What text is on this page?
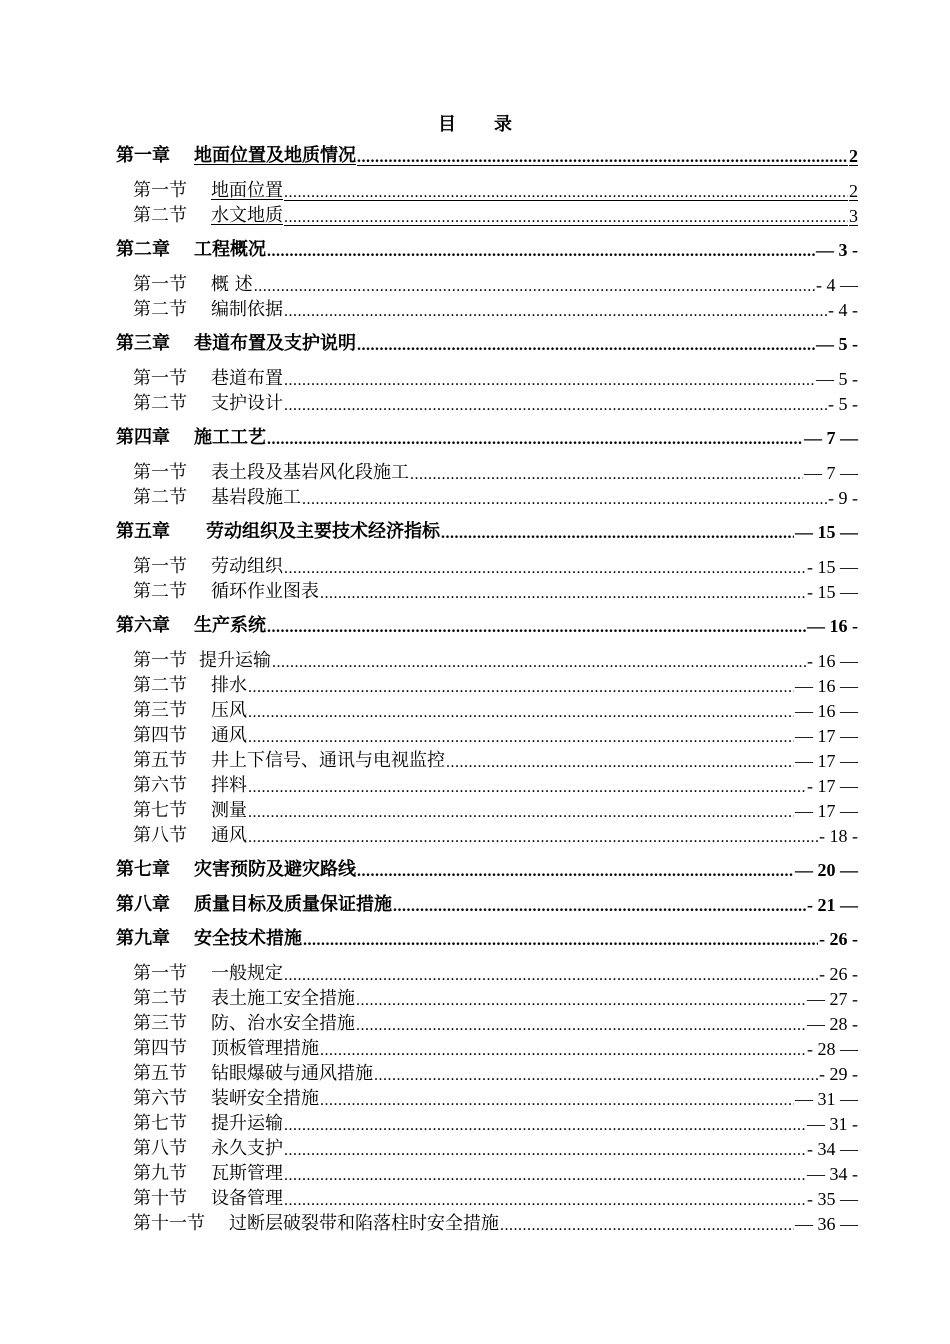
目 录
第一章 地面位置及地质情况 .....	2
第一节 地面位置 .....	2
第二节 水文地质 .....	3
第二章 工程概况 .....	— 3 -
第一节 概 述 .....	- 4 —
第二节 编制依据 .....	- 4 -
第三章 巷道布置及支护说明 .....	— 5 -
第一节 巷道布置 .....	— 5 -
第二节 支护设计 .....	- 5 -
第四章 施工工艺 .....	— 7 —
第一节 表土段及基岩风化段施工 .....	— 7 —
第二节 基岩段施工 .....	- 9 -
第五章 劳动组织及主要技术经济指标 .....	— 15 —
第一节 劳动组织 .....	- 15 —
第二节 循环作业图表 .....	- 15 —
第六章 生产系统 .....	— 16 -
第一节 提升运输 .....	- 16 —
第二节 排水 .....	— 16 —
第三节 压风 .....	— 16 —
第四节 通风 .....	— 17 —
第五节 井上下信号、通讯与电视监控 .....	— 17 —
第六节 拌料 .....	- 17 —
第七节 测量 .....	— 17 —
第八节 通风 .....	- 18 -
第七章 灾害预防及避灾路线 .....	— 20 —
第八章 质量目标及质量保证措施 .....	- 21 —
第九章 安全技术措施 .....	- 26 -
第一节 一般规定 .....	- 26 -
第二节 表土施工安全措施 .....	— 27 -
第三节 防、治水安全措施 .....	— 28 -
第四节 顶板管理措施 .....	- 28 —
第五节 钻眼爆破与通风措施 .....	- 29 -
第六节 装岍安全措施 .....	— 31 —
第七节 提升运输 .....	— 31 -
第八节 永久支护 .....	- 34 —
第九节 瓦斯管理 .....	— 34 -
第十节 设备管理 .....	- 35 —
第十一节 过断层破裂带和陷落柱时安全措施 .....	— 36 —
